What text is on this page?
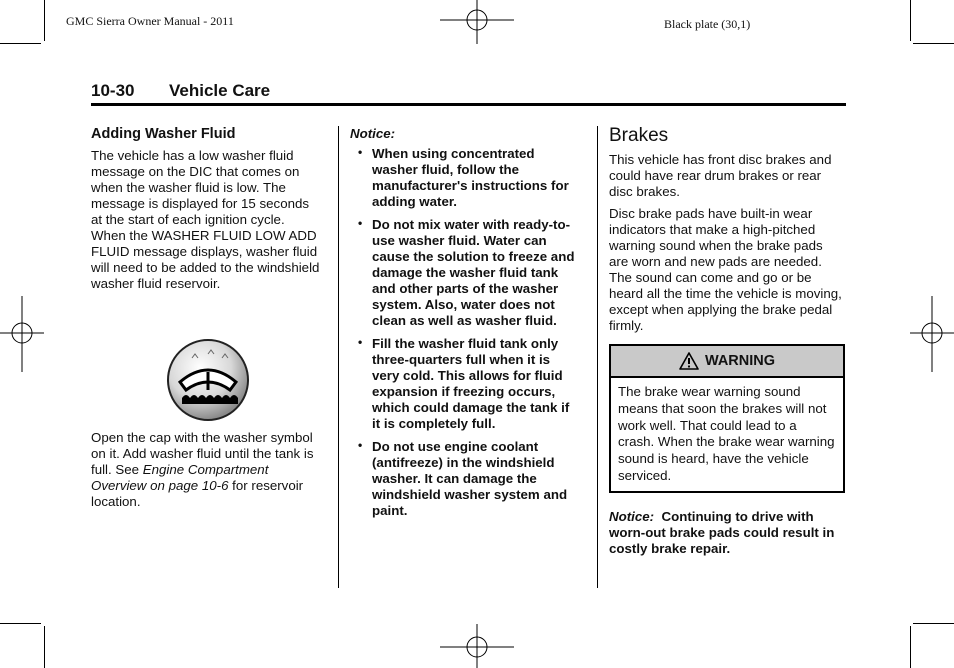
GMC Sierra Owner Manual - 2011	Black plate (30,1)
10-30 Vehicle Care
Adding Washer Fluid

The vehicle has a low washer fluid message on the DIC that comes on when the washer fluid is low. The message is displayed for 15 seconds at the start of each ignition cycle. When the WASHER FLUID LOW ADD FLUID message displays, washer fluid will need to be added to the windshield washer fluid reservoir.

Open the cap with the washer symbol on it. Add washer fluid until the tank is full. See Engine Compartment Overview on page 10-6 for reservoir location.

Notice:
• When using concentrated washer fluid, follow the manufacturer's instructions for adding water.
• Do not mix water with ready-to-use washer fluid. Water can cause the solution to freeze and damage the washer fluid tank and other parts of the washer system. Also, water does not clean as well as washer fluid.
• Fill the washer fluid tank only three-quarters full when it is very cold. This allows for fluid expansion if freezing occurs, which could damage the tank if it is completely full.
• Do not use engine coolant (antifreeze) in the windshield washer. It can damage the windshield washer system and paint.
Brakes

This vehicle has front disc brakes and could have rear drum brakes or rear disc brakes.

Disc brake pads have built-in wear indicators that make a high-pitched warning sound when the brake pads are worn and new pads are needed. The sound can come and go or be heard all the time the vehicle is moving, except when applying the brake pedal firmly.

WARNING
The brake wear warning sound means that soon the brakes will not work well. That could lead to a crash. When the brake wear warning sound is heard, have the vehicle serviced.

Notice: Continuing to drive with worn-out brake pads could result in costly brake repair.
